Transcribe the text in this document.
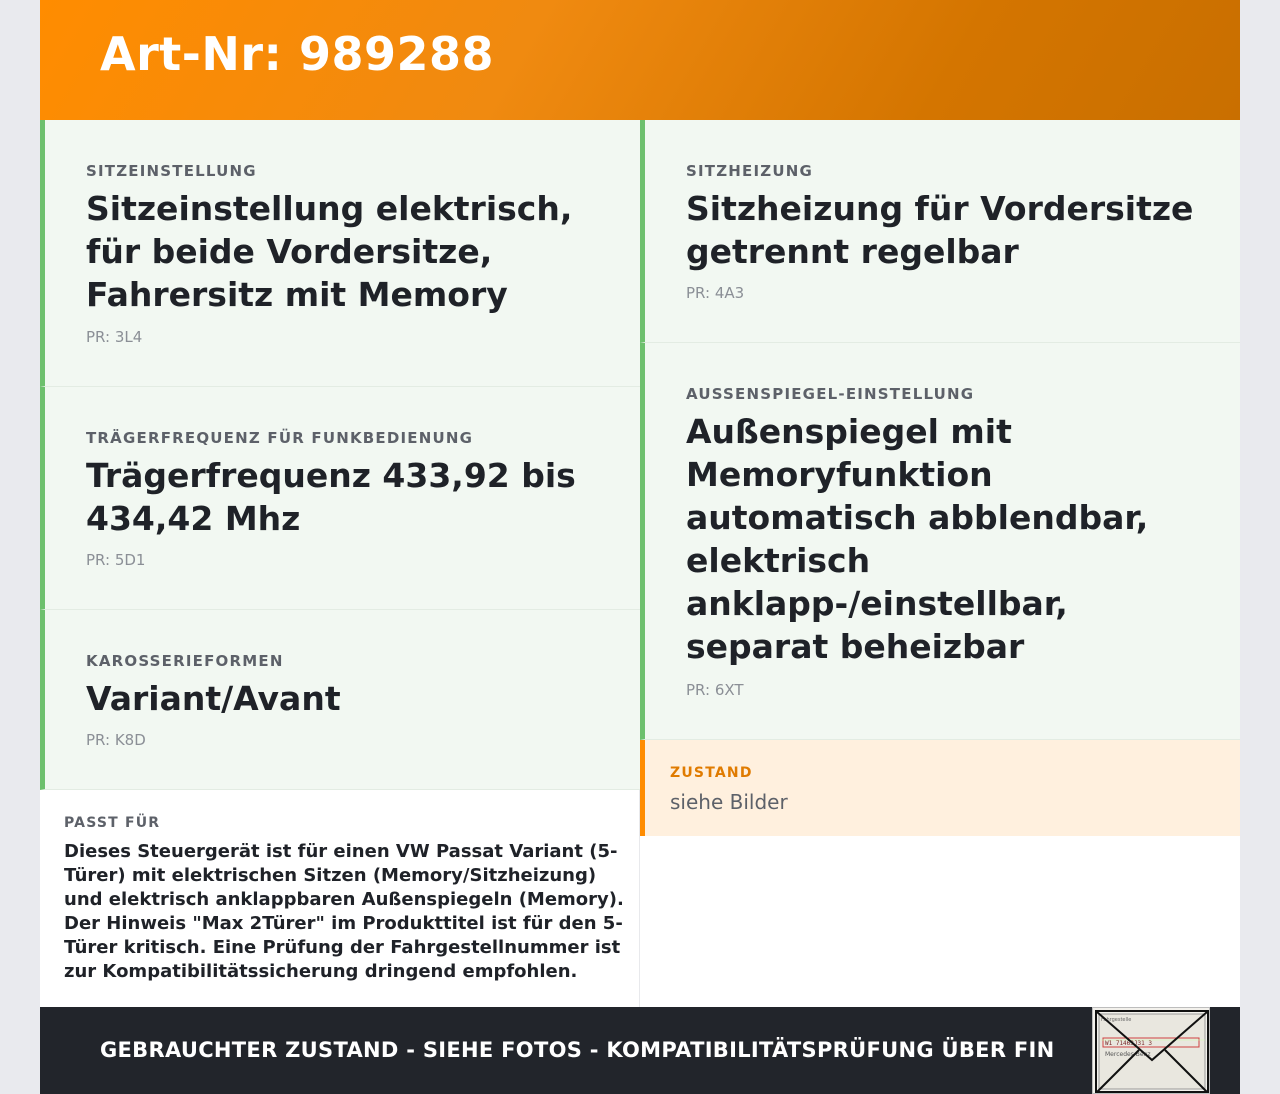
Art-Nr: 989288
SITZEINSTELLUNG
Sitzeinstellung elektrisch, für beide Vordersitze, Fahrersitz mit Memory
PR: 3L4
TRÄGERFREQUENZ FÜR FUNKBEDIENUNG
Trägerfrequenz 433,92 bis 434,42 Mhz
PR: 5D1
KAROSSERIEFORMEN
Variant/Avant
PR: K8D
SITZHEIZUNG
Sitzheizung für Vordersitze getrennt regelbar
PR: 4A3
AUSSENSPIEGEL-EINSTELLUNG
Außenspiegel mit Memoryfunktion automatisch abblendbar, elektrisch anklapp-/einstellbar, separat beheizbar
PR: 6XT
ZUSTAND
siehe Bilder
PASST FÜR
Dieses Steuergerät ist für einen VW Passat Variant (5-Türer) mit elektrischen Sitzen (Memory/Sitzheizung) und elektrisch anklappbaren Außenspiegeln (Memory). Der Hinweis "Max 2Türer" im Produkttitel ist für den 5-Türer kritisch. Eine Prüfung der Fahrgestellnummer ist zur Kompatibilitätssicherung dringend empfohlen.
GEBRAUCHTER ZUSTAND - SIEHE FOTOS - KOMPATIBILITÄTSPRÜFUNG ÜBER FIN
Fahrgestelle
W1 71463J31 3
Mercedes-Benz
